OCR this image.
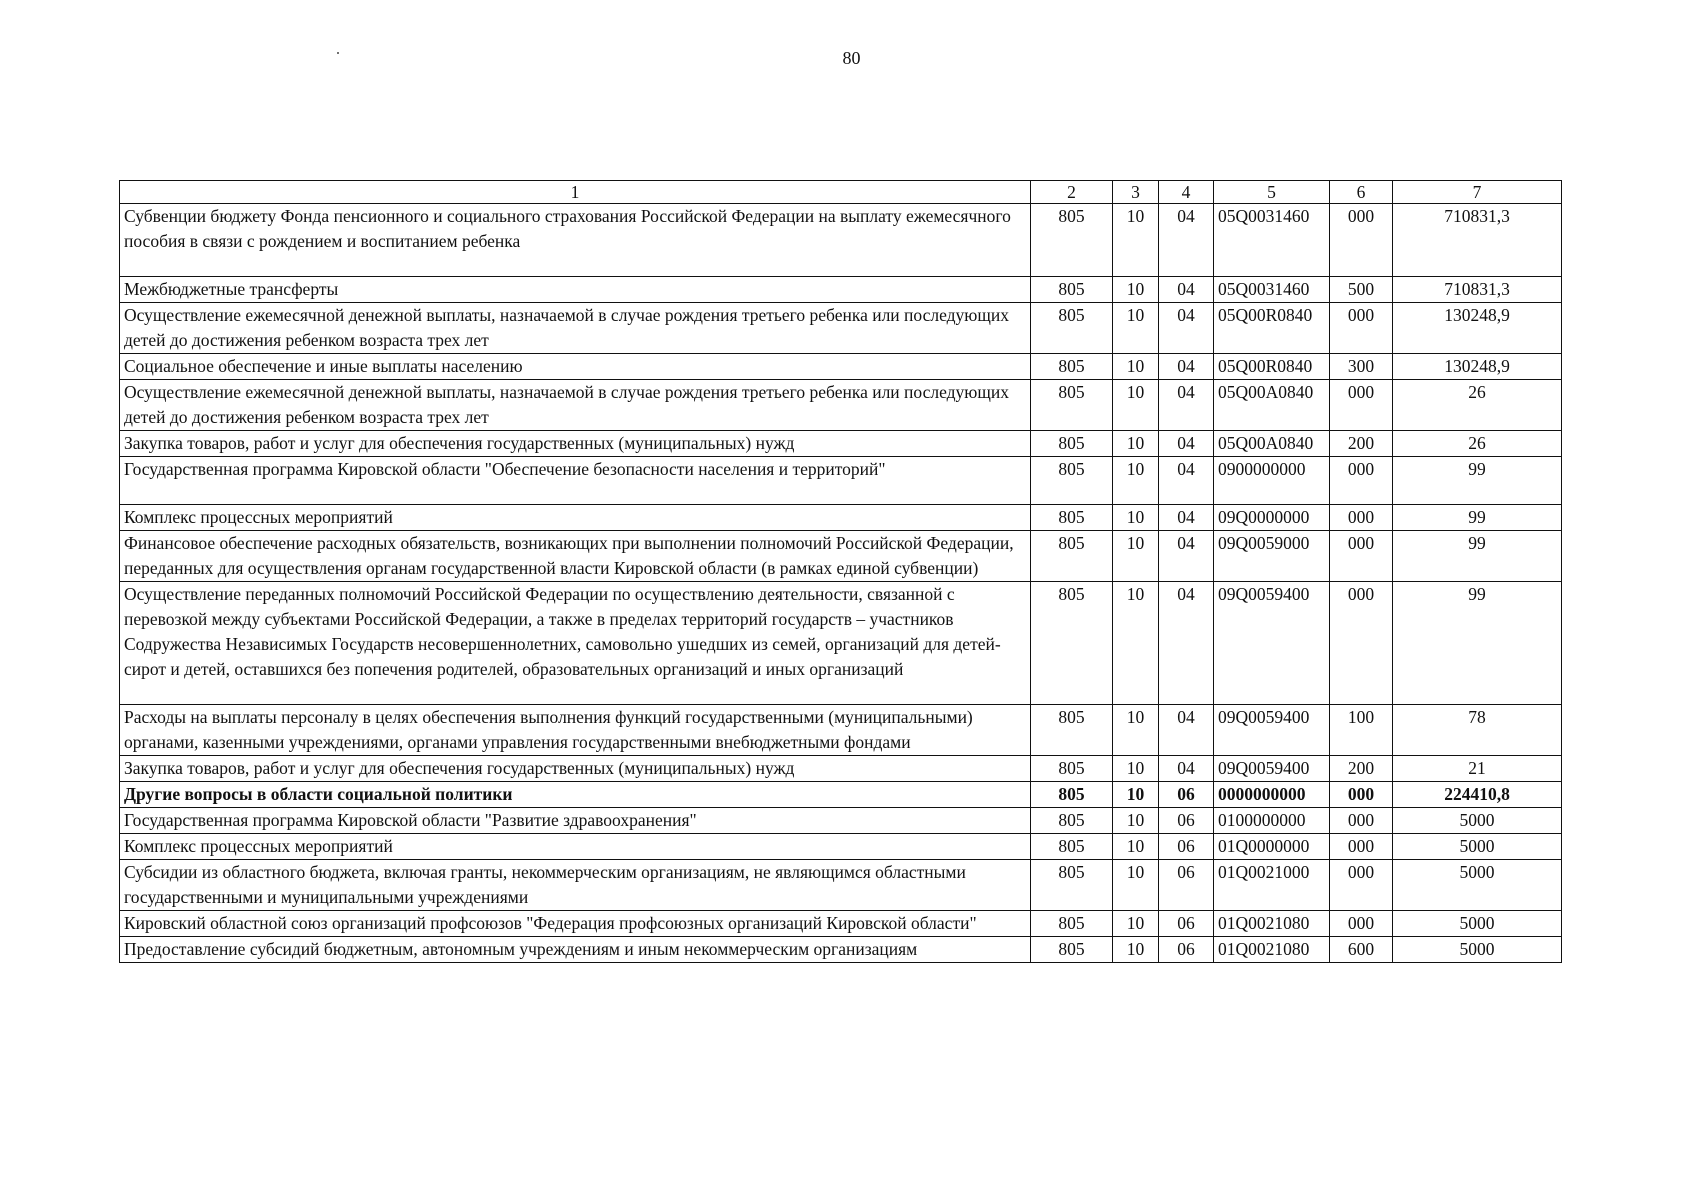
80
1	2	3	4	5	6	7
Субвенции бюджету Фонда пенсионного и социального страхования Российской Федерации на выплату ежемесячного пособия в связи с рождением и воспитанием ребенка	805	10	04	05Q0031460	000	710831,3
Межбюджетные трансферты	805	10	04	05Q0031460	500	710831,3
Осуществление ежемесячной денежной выплаты, назначаемой в случае рождения третьего ребенка или последующих детей до достижения ребенком возраста трех лет	805	10	04	05Q00R0840	000	130248,9
Социальное обеспечение и иные выплаты населению	805	10	04	05Q00R0840	300	130248,9
Осуществление ежемесячной денежной выплаты, назначаемой в случае рождения третьего ребенка или последующих детей до достижения ребенком возраста трех лет	805	10	04	05Q00A0840	000	26
Закупка товаров, работ и услуг для обеспечения государственных (муниципальных) нужд	805	10	04	05Q00A0840	200	26
Государственная программа Кировской области "Обеспечение безопасности населения и территорий"	805	10	04	0900000000	000	99
Комплекс процессных мероприятий	805	10	04	09Q0000000	000	99
Финансовое обеспечение расходных обязательств, возникающих при выполнении полномочий Российской Федерации, переданных для осуществления органам государственной власти Кировской области (в рамках единой субвенции)	805	10	04	09Q0059000	000	99
Осуществление переданных полномочий Российской Федерации по осуществлению деятельности, связанной с перевозкой между субъектами Российской Федерации, а также в пределах территорий государств – участников Содружества Независимых Государств несовершеннолетних, самовольно ушедших из семей, организаций для детей-сирот и детей, оставшихся без попечения родителей, образовательных организаций и иных организаций	805	10	04	09Q0059400	000	99
Расходы на выплаты персоналу в целях обеспечения выполнения функций государственными (муниципальными) органами, казенными учреждениями, органами управления государственными внебюджетными фондами	805	10	04	09Q0059400	100	78
Закупка товаров, работ и услуг для обеспечения государственных (муниципальных) нужд	805	10	04	09Q0059400	200	21
Другие вопросы в области социальной политики	805	10	06	0000000000	000	224410,8
Государственная программа Кировской области "Развитие здравоохранения"	805	10	06	0100000000	000	5000
Комплекс процессных мероприятий	805	10	06	01Q0000000	000	5000
Субсидии из областного бюджета, включая гранты, некоммерческим организациям, не являющимся областными государственными и муниципальными учреждениями	805	10	06	01Q0021000	000	5000
Кировский областной союз организаций профсоюзов "Федерация профсоюзных организаций Кировской области"	805	10	06	01Q0021080	000	5000
Предоставление субсидий бюджетным, автономным учреждениям и иным некоммерческим организациям	805	10	06	01Q0021080	600	5000
